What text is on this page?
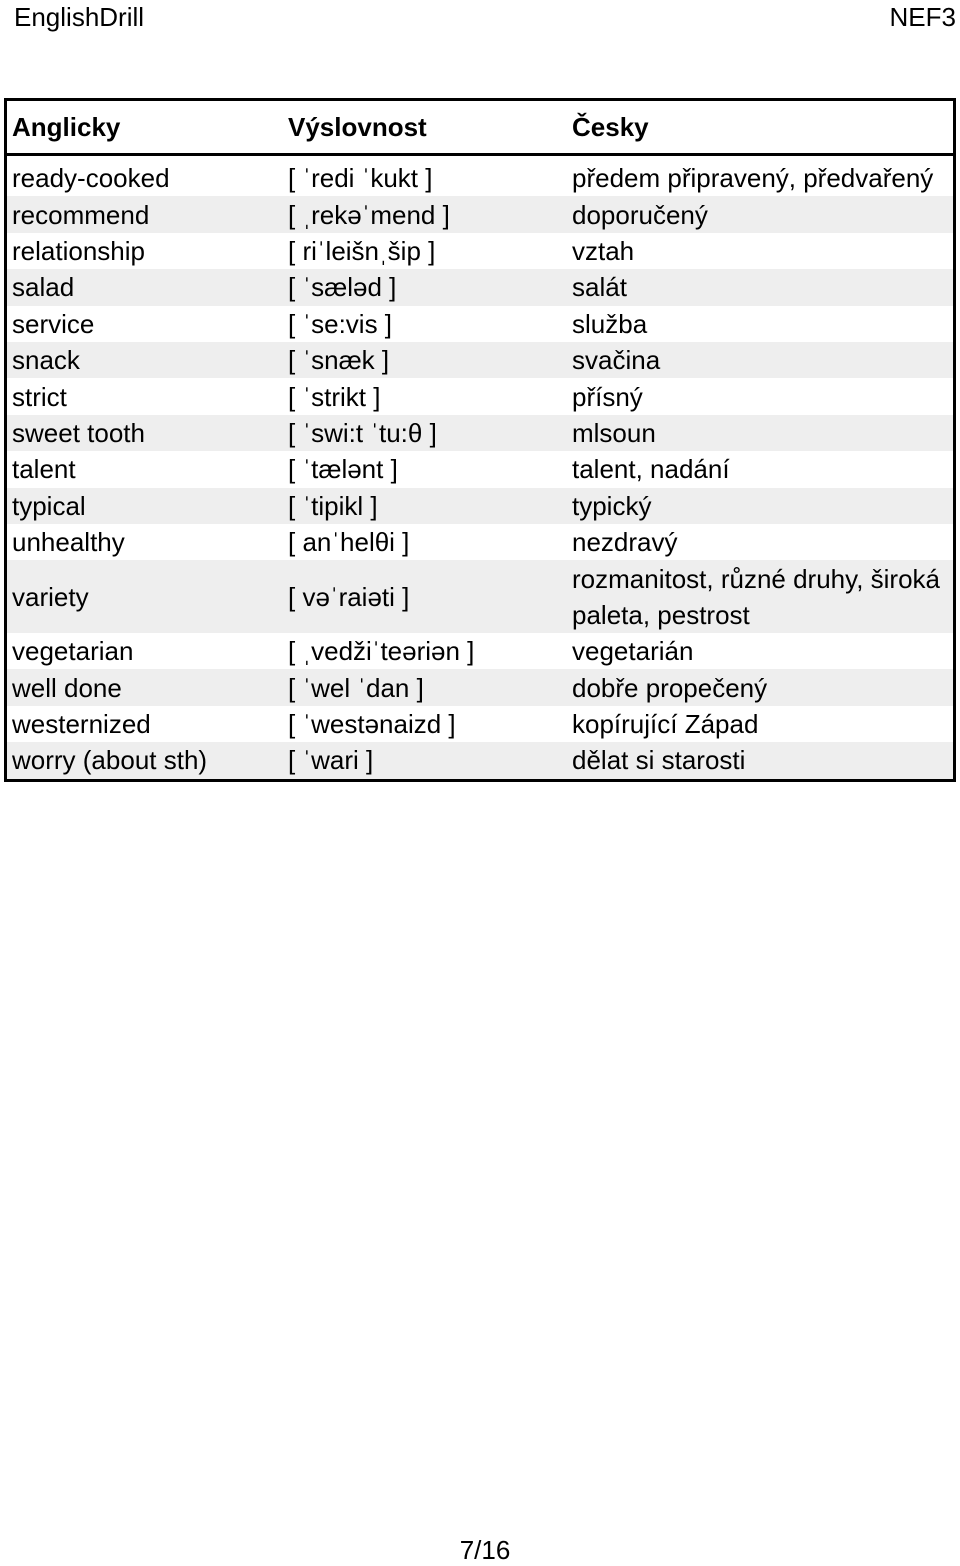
EnglishDrill	NEF3
Anglicky	Výslovnost	Česky

ready-cooked	[ ˈredi ˈkukt ]	předem připravený, předvařený
recommend	[ ˌrekəˈmend ]	doporučený
relationship	[ riˈleišnˌšip ]	vztah
salad	[ ˈsæləd ]	salát
service	[ ˈse:vis ]	služba
snack	[ ˈsnæk ]	svačina
strict	[ ˈstrikt ]	přísný
sweet tooth	[ ˈswi:t ˈtu:θ ]	mlsoun
talent	[ ˈtælənt ]	talent, nadání
typical	[ ˈtipikl ]	typický
unhealthy	[ anˈhelθi ]	nezdravý
variety	[ vəˈraiəti ]	rozmanitost, různé druhy, široká paleta, pestrost
vegetarian	[ ˌvedžiˈteəriən ]	vegetarián
well done	[ ˈwel ˈdan ]	dobře propečený
westernized	[ ˈwestənaizd ]	kopírující Západ
worry (about sth)	[ ˈwari ]	dělat si starosti
7/16
